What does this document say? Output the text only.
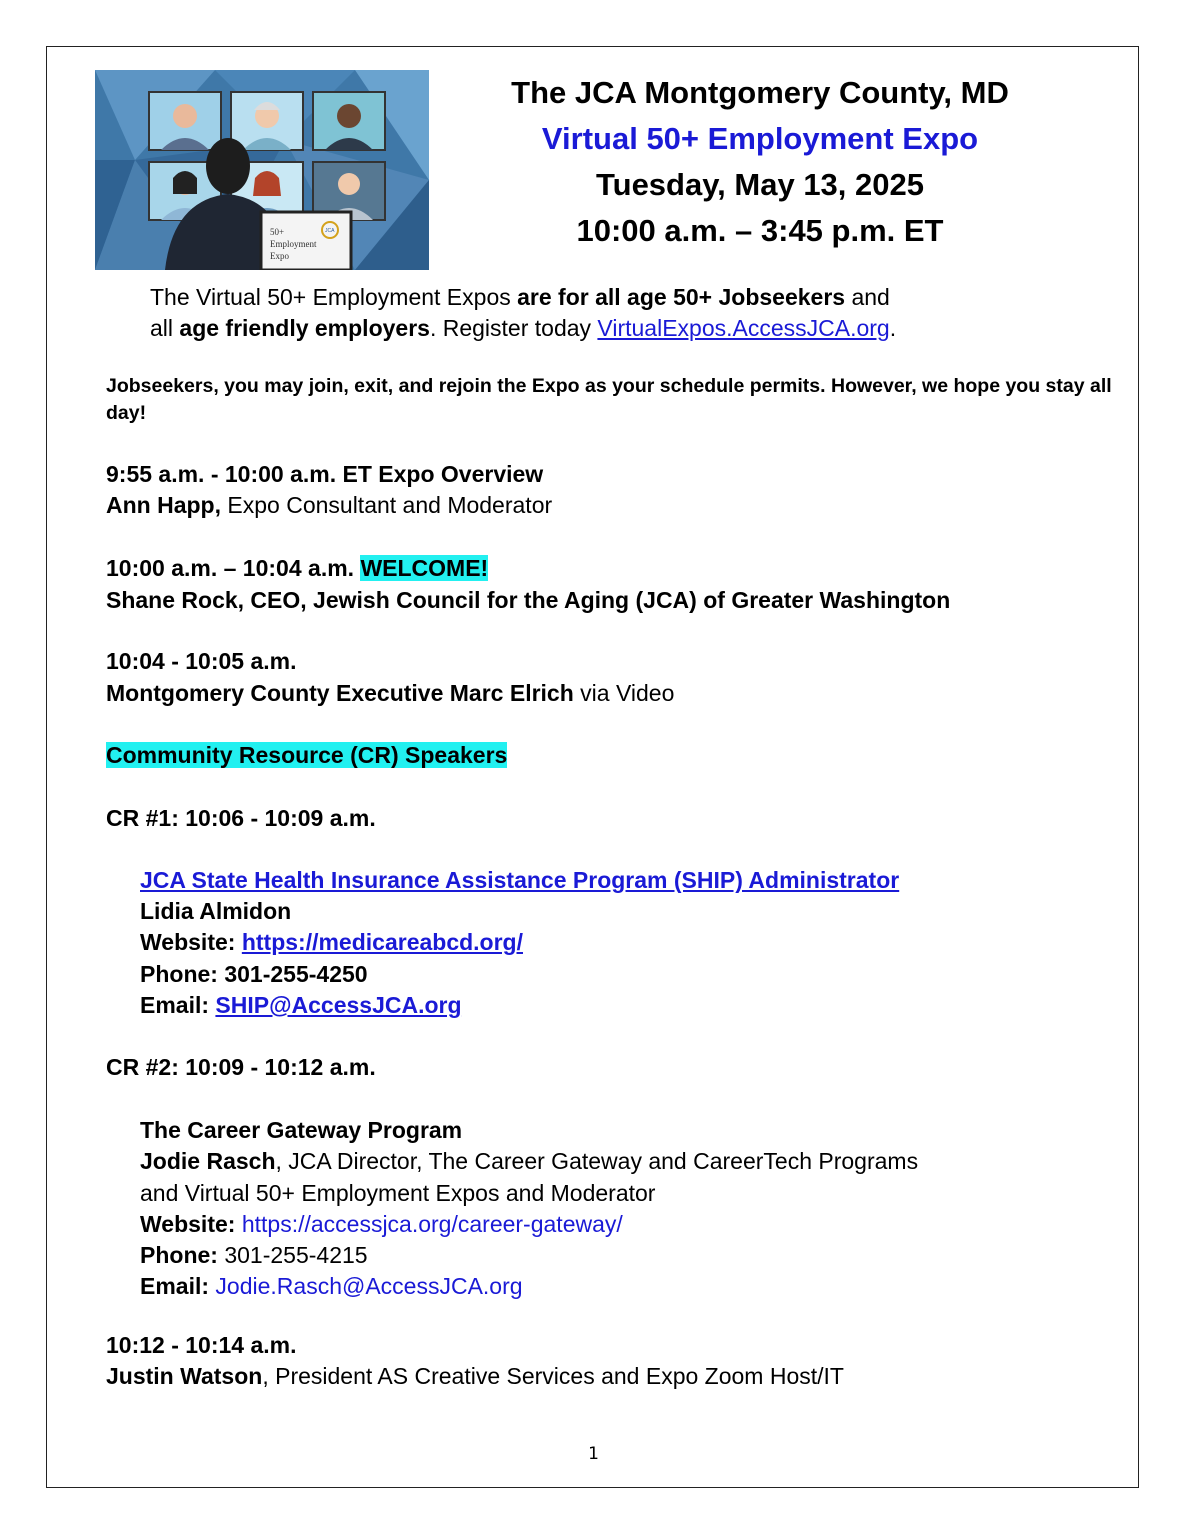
50+
Employment
Expo
JCA
The JCA Montgomery County, MD
Virtual 50+ Employment Expo
Tuesday, May 13, 2025
10:00 a.m. – 3:45 p.m. ET
The Virtual 50+ Employment Expos are for all age 50+ Jobseekers and
all age friendly employers. Register today VirtualExpos.AccessJCA.org.
Jobseekers, you may join, exit, and rejoin the Expo as your schedule permits. However, we hope you stay all day!
9:55 a.m. - 10:00 a.m. ET Expo Overview
Ann Happ, Expo Consultant and Moderator
10:00 a.m. – 10:04 a.m. WELCOME!
Shane Rock, CEO, Jewish Council for the Aging (JCA) of Greater Washington
10:04 - 10:05 a.m.
Montgomery County Executive Marc Elrich via Video
Community Resource (CR) Speakers
CR #1: 10:06 - 10:09 a.m.
JCA State Health Insurance Assistance Program (SHIP) Administrator
Lidia Almidon
Website: https://medicareabcd.org/
Phone: 301-255-4250
Email: SHIP@AccessJCA.org
CR #2: 10:09 - 10:12 a.m.
The Career Gateway Program
Jodie Rasch, JCA Director, The Career Gateway and CareerTech Programs
and Virtual 50+ Employment Expos and Moderator
Website: https://accessjca.org/career-gateway/
Phone: 301-255-4215
Email: Jodie.Rasch@AccessJCA.org
10:12 - 10:14 a.m.
Justin Watson, President AS Creative Services and Expo Zoom Host/IT
1
